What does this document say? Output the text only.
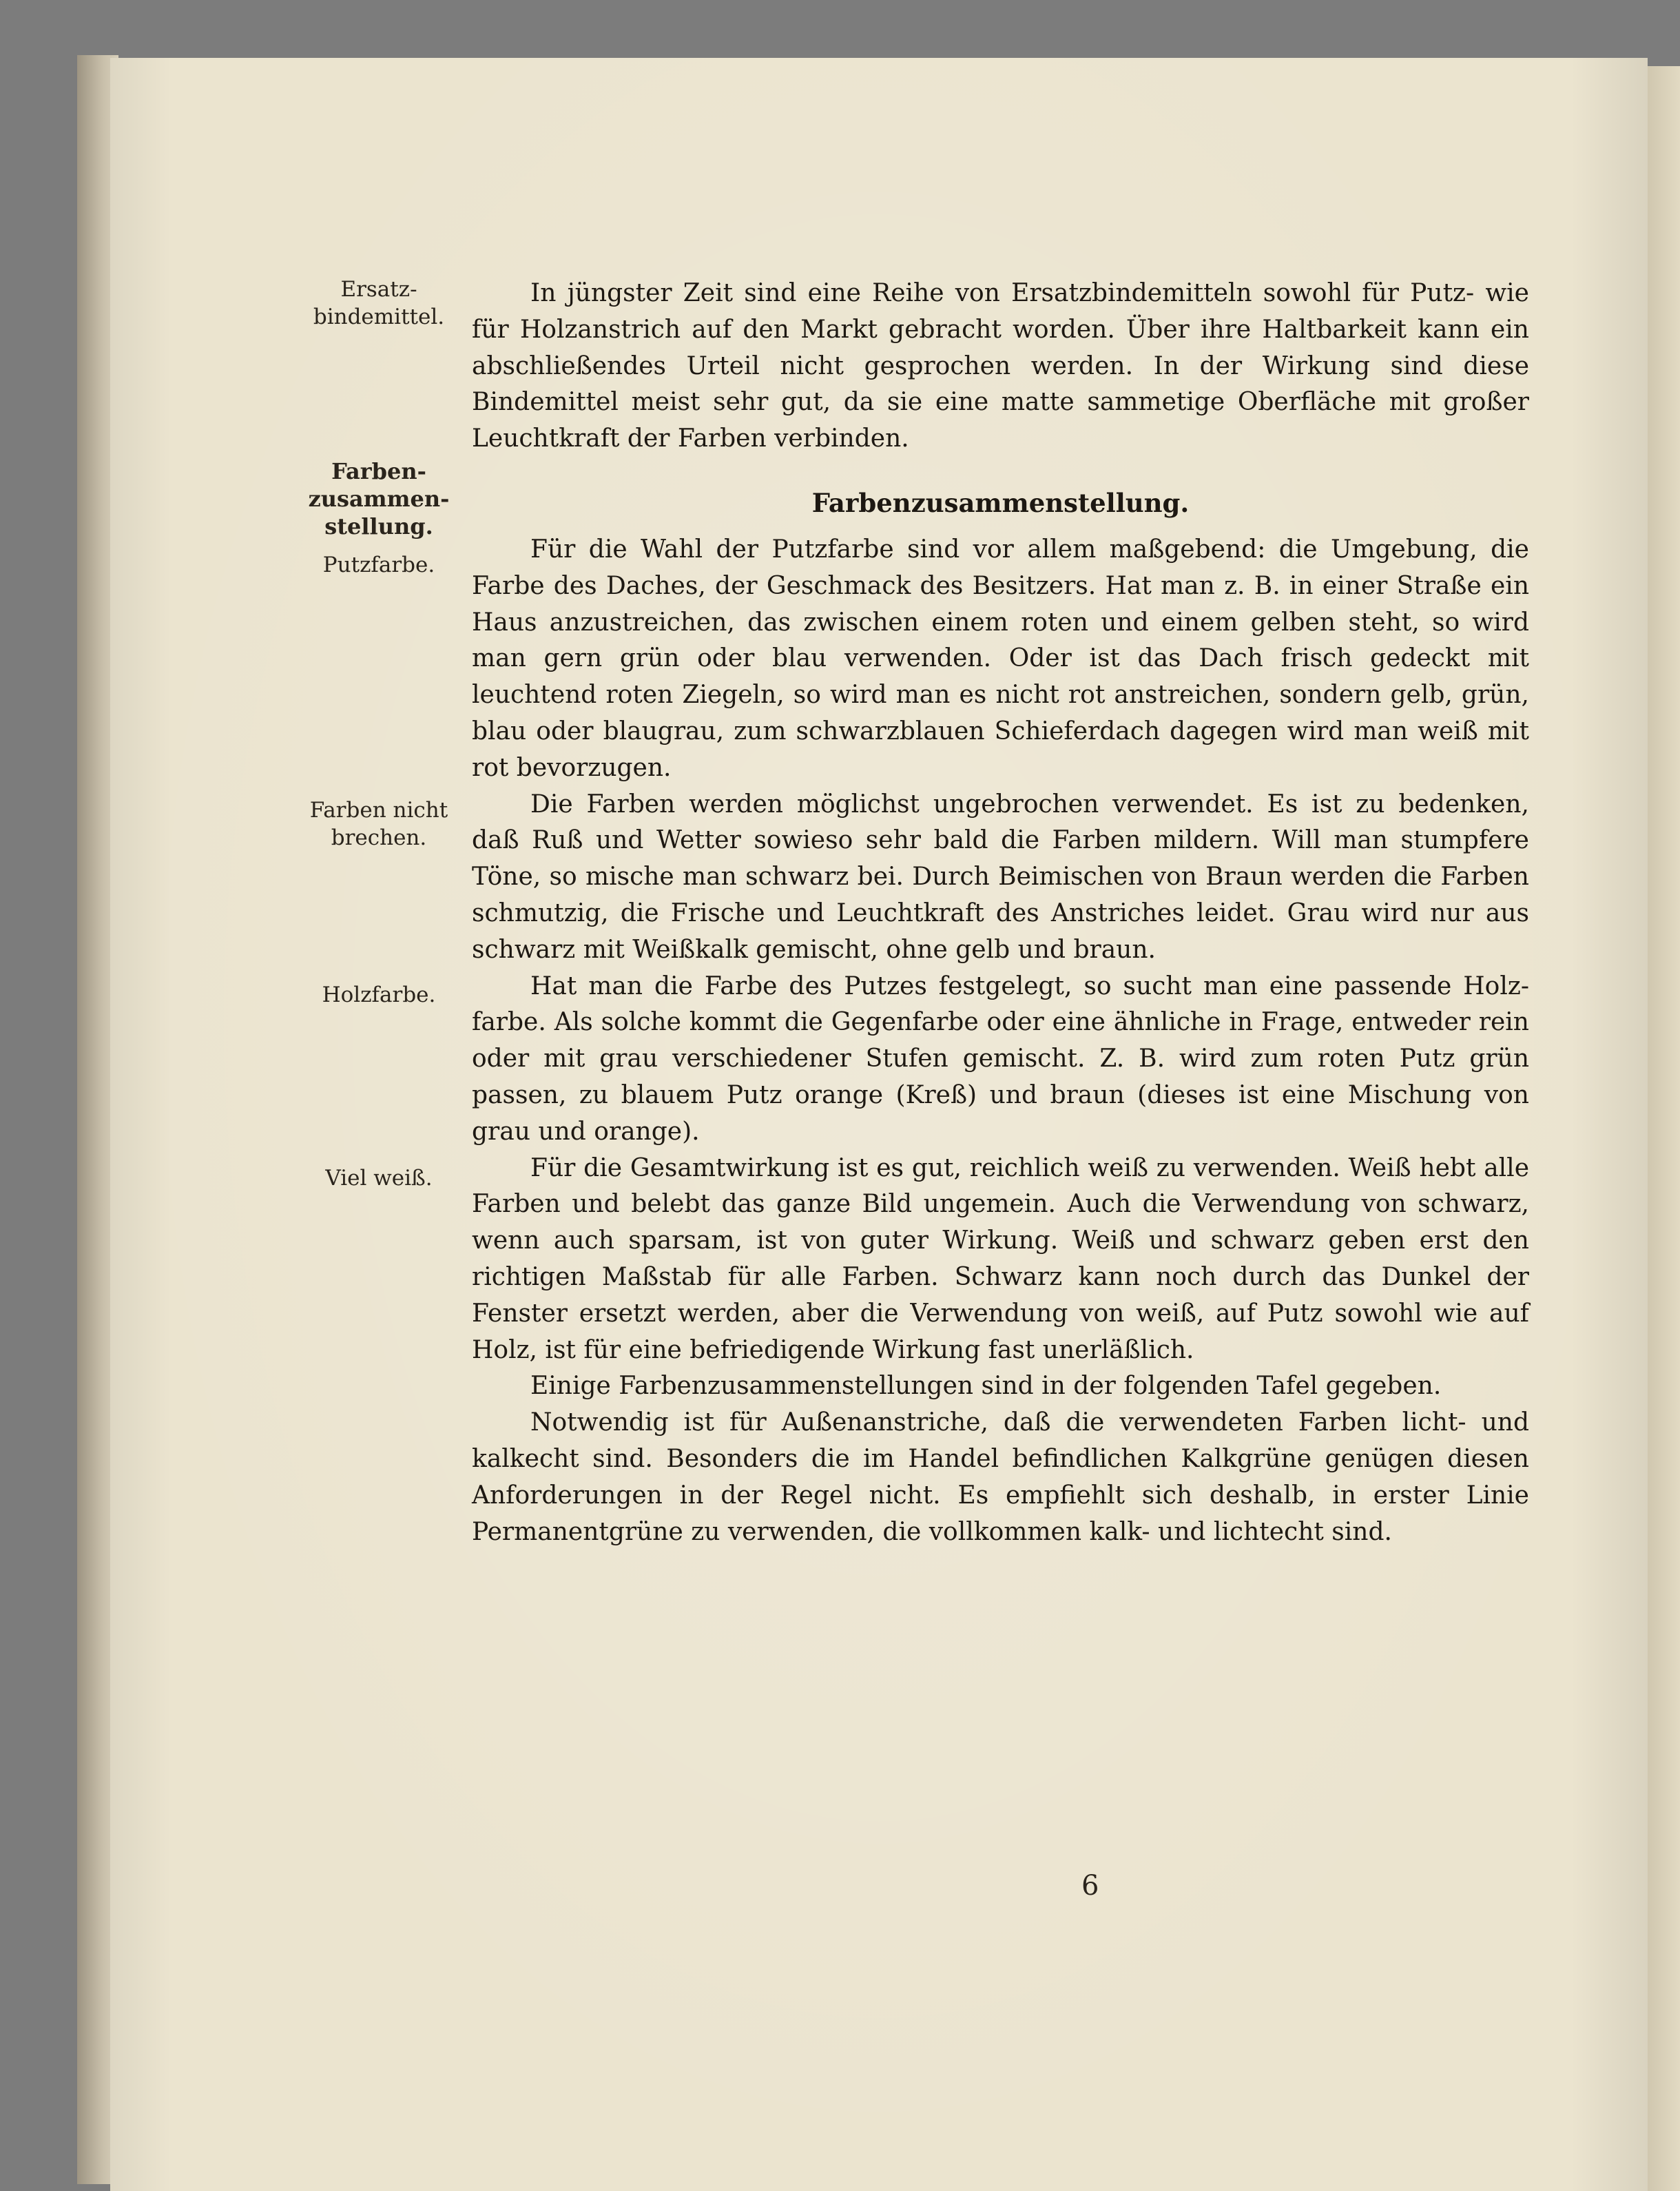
Ersatz-
bindemittel.
Farben-
zusammen-
stellung.
Putzfarbe.
Farben nicht
brechen.
Holzfarbe.
Viel weiß.

In jüngster Zeit sind eine Reihe von Ersatzbindemitteln sowohl für Putz- wie für Holzanstrich auf den Markt gebracht worden. Über ihre Haltbarkeit kann ein abschließendes Urteil nicht gesprochen werden. In der Wirkung sind diese Bindemittel meist sehr gut, da sie eine matte sammetige Oberfläche mit großer Leuchtkraft der Farben verbinden.

Farbenzusammenstellung.

Für die Wahl der Putzfarbe sind vor allem maßgebend: die Umgebung, die Farbe des Daches, der Geschmack des Besitzers. Hat man z. B. in einer Straße ein Haus anzustreichen, das zwischen einem roten und einem gelben steht, so wird man gern grün oder blau verwenden. Oder ist das Dach frisch gedeckt mit leuchtend roten Ziegeln, so wird man es nicht rot anstreichen, sondern gelb, grün, blau oder blaugrau, zum schwarzblauen Schieferdach dagegen wird man weiß mit rot bevorzugen.

Die Farben werden möglichst ungebrochen verwendet. Es ist zu bedenken, daß Ruß und Wetter sowieso sehr bald die Farben mildern. Will man stumpfere Töne, so mische man schwarz bei. Durch Beimischen von Braun werden die Farben schmutzig, die Frische und Leuchtkraft des Anstriches leidet. Grau wird nur aus schwarz mit Weißkalk gemischt, ohne gelb und braun.

Hat man die Farbe des Putzes festgelegt, so sucht man eine passende Holz- farbe. Als solche kommt die Gegenfarbe oder eine ähnliche in Frage, entweder rein oder mit grau verschiedener Stufen gemischt. Z. B. wird zum roten Putz grün passen, zu blauem Putz orange (Kreß) und braun (dieses ist eine Mischung von grau und orange).

Für die Gesamtwirkung ist es gut, reichlich weiß zu verwenden. Weiß hebt alle Farben und belebt das ganze Bild ungemein. Auch die Verwendung von schwarz, wenn auch sparsam, ist von guter Wirkung. Weiß und schwarz geben erst den richtigen Maßstab für alle Farben. Schwarz kann noch durch das Dunkel der Fenster ersetzt werden, aber die Verwendung von weiß, auf Putz sowohl wie auf Holz, ist für eine befriedigende Wirkung fast unerläßlich.

Einige Farbenzusammenstellungen sind in der folgenden Tafel gegeben.

Notwendig ist für Außenanstriche, daß die verwendeten Farben licht- und kalkecht sind. Besonders die im Handel befindlichen Kalkgrüne genügen diesen Anforderungen in der Regel nicht. Es empfiehlt sich deshalb, in erster Linie Permanentgrüne zu verwenden, die vollkommen kalk- und lichtecht sind.

6
